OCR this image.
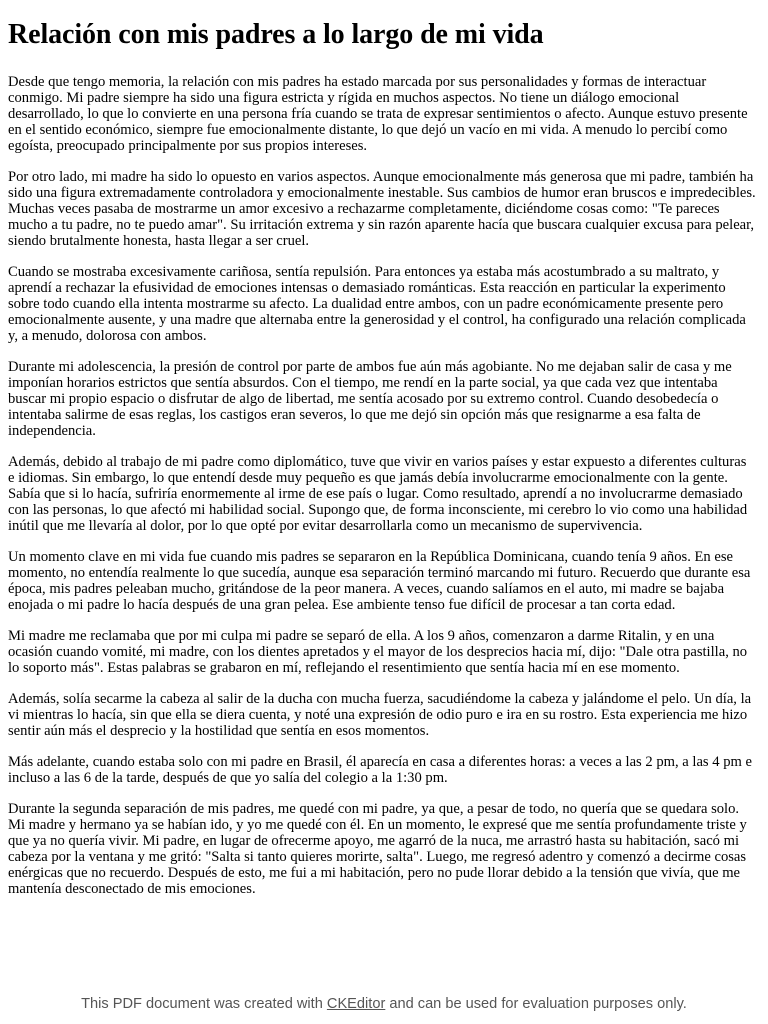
Relación con mis padres a lo largo de mi vida

Desde que tengo memoria, la relación con mis padres ha estado marcada por sus personalidades y formas de interactuar conmigo. Mi padre siempre ha sido una figura estricta y rígida en muchos aspectos. No tiene un diálogo emocional desarrollado, lo que lo convierte en una persona fría cuando se trata de expresar sentimientos o afecto. Aunque estuvo presente en el sentido económico, siempre fue emocionalmente distante, lo que dejó un vacío en mi vida. A menudo lo percibí como egoísta, preocupado principalmente por sus propios intereses.

Por otro lado, mi madre ha sido lo opuesto en varios aspectos. Aunque emocionalmente más generosa que mi padre, también ha sido una figura extremadamente controladora y emocionalmente inestable. Sus cambios de humor eran bruscos e impredecibles. Muchas veces pasaba de mostrarme un amor excesivo a rechazarme completamente, diciéndome cosas como: "Te pareces mucho a tu padre, no te puedo amar". Su irritación extrema y sin razón aparente hacía que buscara cualquier excusa para pelear, siendo brutalmente honesta, hasta llegar a ser cruel.

Cuando se mostraba excesivamente cariñosa, sentía repulsión. Para entonces ya estaba más acostumbrado a su maltrato, y aprendí a rechazar la efusividad de emociones intensas o demasiado románticas. Esta reacción en particular la experimento sobre todo cuando ella intenta mostrarme su afecto. La dualidad entre ambos, con un padre económicamente presente pero emocionalmente ausente, y una madre que alternaba entre la generosidad y el control, ha configurado una relación complicada y, a menudo, dolorosa con ambos.

Durante mi adolescencia, la presión de control por parte de ambos fue aún más agobiante. No me dejaban salir de casa y me imponían horarios estrictos que sentía absurdos. Con el tiempo, me rendí en la parte social, ya que cada vez que intentaba buscar mi propio espacio o disfrutar de algo de libertad, me sentía acosado por su extremo control. Cuando desobedecía o intentaba salirme de esas reglas, los castigos eran severos, lo que me dejó sin opción más que resignarme a esa falta de independencia.

Además, debido al trabajo de mi padre como diplomático, tuve que vivir en varios países y estar expuesto a diferentes culturas e idiomas. Sin embargo, lo que entendí desde muy pequeño es que jamás debía involucrarme emocionalmente con la gente. Sabía que si lo hacía, sufriría enormemente al irme de ese país o lugar. Como resultado, aprendí a no involucrarme demasiado con las personas, lo que afectó mi habilidad social. Supongo que, de forma inconsciente, mi cerebro lo vio como una habilidad inútil que me llevaría al dolor, por lo que opté por evitar desarrollarla como un mecanismo de supervivencia.

Un momento clave en mi vida fue cuando mis padres se separaron en la República Dominicana, cuando tenía 9 años. En ese momento, no entendía realmente lo que sucedía, aunque esa separación terminó marcando mi futuro. Recuerdo que durante esa época, mis padres peleaban mucho, gritándose de la peor manera. A veces, cuando salíamos en el auto, mi madre se bajaba enojada o mi padre lo hacía después de una gran pelea. Ese ambiente tenso fue difícil de procesar a tan corta edad.

Mi madre me reclamaba que por mi culpa mi padre se separó de ella. A los 9 años, comenzaron a darme Ritalin, y en una ocasión cuando vomité, mi madre, con los dientes apretados y el mayor de los desprecios hacia mí, dijo: "Dale otra pastilla, no lo soporto más". Estas palabras se grabaron en mí, reflejando el resentimiento que sentía hacia mí en ese momento.

Además, solía secarme la cabeza al salir de la ducha con mucha fuerza, sacudiéndome la cabeza y jalándome el pelo. Un día, la vi mientras lo hacía, sin que ella se diera cuenta, y noté una expresión de odio puro e ira en su rostro. Esta experiencia me hizo sentir aún más el desprecio y la hostilidad que sentía en esos momentos.

Más adelante, cuando estaba solo con mi padre en Brasil, él aparecía en casa a diferentes horas: a veces a las 2 pm, a las 4 pm e incluso a las 6 de la tarde, después de que yo salía del colegio a la 1:30 pm.

Durante la segunda separación de mis padres, me quedé con mi padre, ya que, a pesar de todo, no quería que se quedara solo. Mi madre y hermano ya se habían ido, y yo me quedé con él. En un momento, le expresé que me sentía profundamente triste y que ya no quería vivir. Mi padre, en lugar de ofrecerme apoyo, me agarró de la nuca, me arrastró hasta su habitación, sacó mi cabeza por la ventana y me gritó: "Salta si tanto quieres morirte, salta". Luego, me regresó adentro y comenzó a decirme cosas enérgicas que no recuerdo. Después de esto, me fui a mi habitación, pero no pude llorar debido a la tensión que vivía, que me mantenía desconectado de mis emociones.

This PDF document was created with CKEditor and can be used for evaluation purposes only.
